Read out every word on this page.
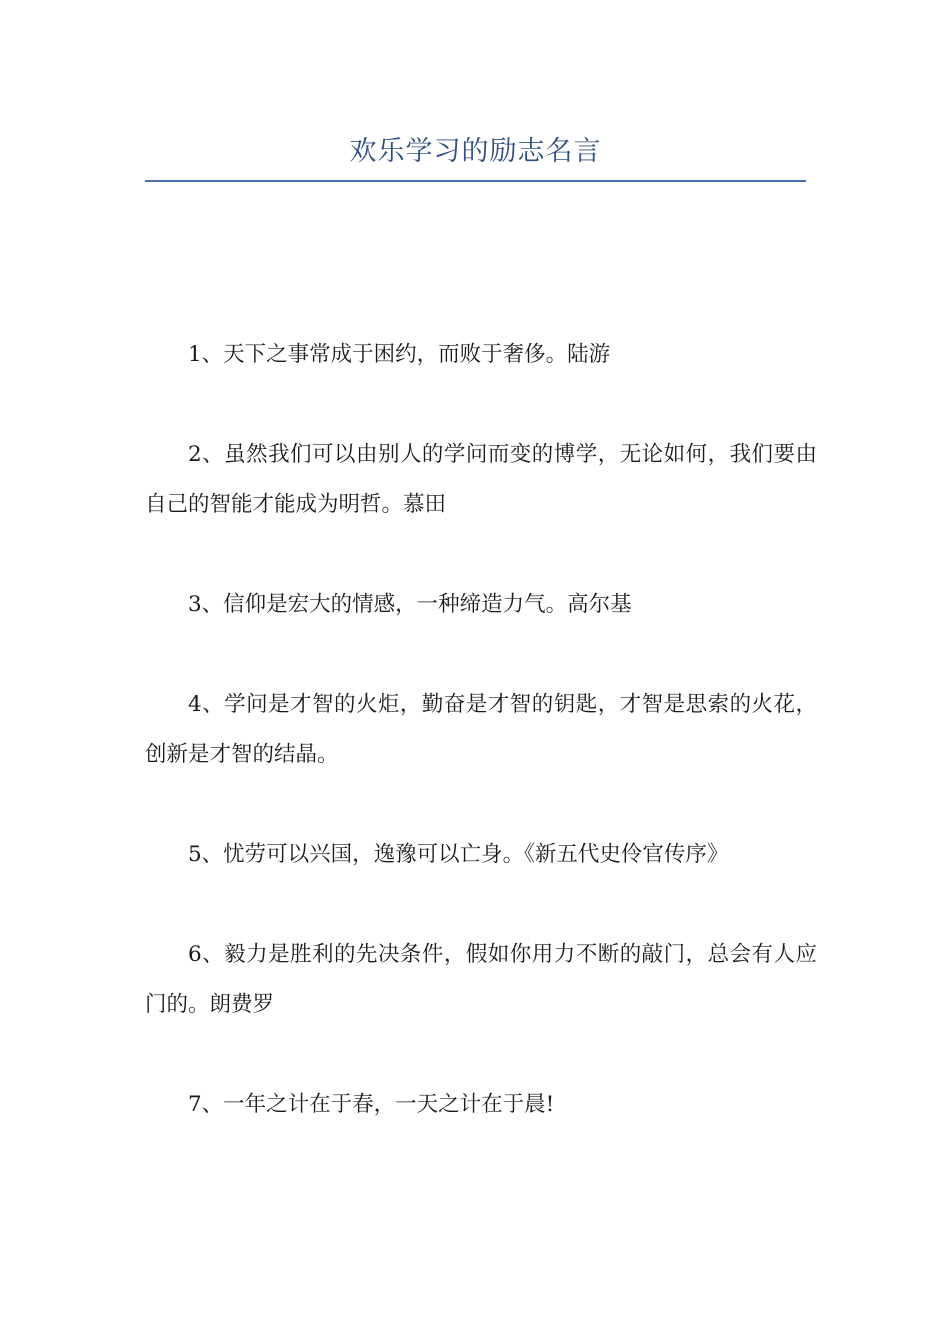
欢乐学习的励志名言
1、天下之事常成于困约，而败于奢侈。陆游
2、虽然我们可以由别人的学问而变的博学，无论如何，我们要由自己的智能才能成为明哲。慕田
3、信仰是宏大的情感，一种缔造力气。高尔基
4、学问是才智的火炬，勤奋是才智的钥匙，才智是思索的火花，创新是才智的结晶。
5、忧劳可以兴国，逸豫可以亡身。《新五代史伶官传序》
6、毅力是胜利的先决条件，假如你用力不断的敲门，总会有人应门的。朗费罗
7、一年之计在于春，一天之计在于晨!
